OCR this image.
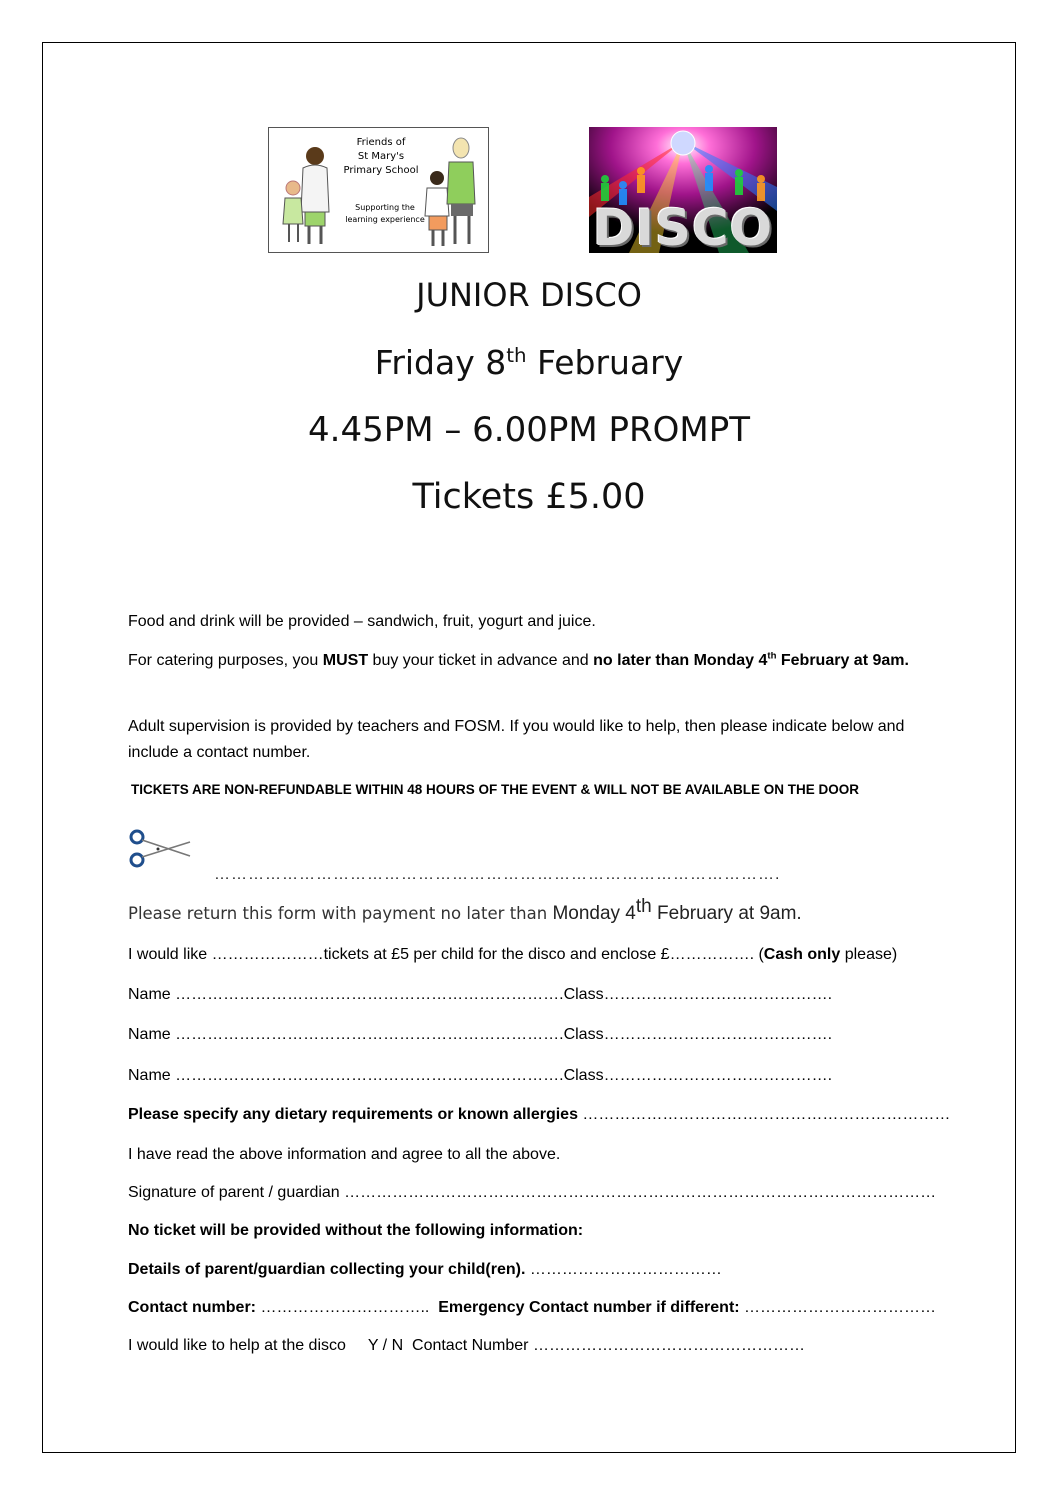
Friends of
St Mary's
Primary School
Supporting the learning experience	DISCO
JUNIOR DISCO
Friday 8th February
4.45PM – 6.00PM PROMPT
Tickets £5.00
Food and drink will be provided – sandwich, fruit, yogurt and juice.
For catering purposes, you MUST buy your ticket in advance and no later than Monday 4th February at 9am.
Adult supervision is provided by teachers and FOSM. If you would like to help, then please indicate below and include a contact number.
TICKETS ARE NON-REFUNDABLE WITHIN 48 HOURS OF THE EVENT & WILL NOT BE AVAILABLE ON THE DOOR
……………………………………………………………………………………….
Please return this form with payment no later than Monday 4th February at 9am.
I would like …………………tickets at £5 per child for the disco and enclose £……………. (Cash only please)
Name ……………………………………………………………….Class…………………………………….
Name ……………………………………………………………….Class…………………………………….
Name ……………………………………………………………….Class…………………………………….
Please specify any dietary requirements or known allergies ……………………………………………………………
I have read the above information and agree to all the above.
Signature of parent / guardian …………………………………………………………………………………………………
No ticket will be provided without the following information:
Details of parent/guardian collecting your child(ren). ………………………………
Contact number: …………………………..  Emergency Contact number if different: ………………………………
I would like to help at the disco     Y / N  Contact Number ……………………………………………
